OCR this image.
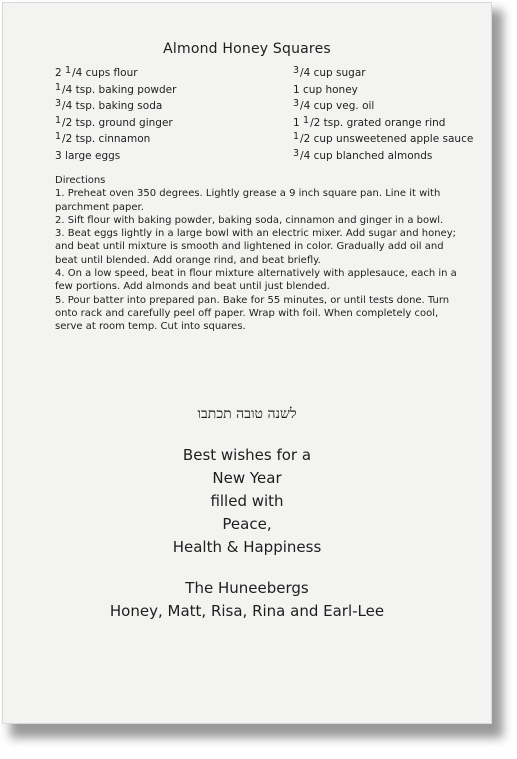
Almond Honey Squares
2 $^1$/4 cups flour
$^1$/4 tsp. baking powder
$^3$/4 tsp. baking soda
$^1$/2 tsp. ground ginger
$^1$/2 tsp. cinnamon
3 large eggs
$^3$/4 cup sugar
1 cup honey
$^3$/4 cup veg. oil
1 $^1$/2 tsp. grated orange rind
$^1$/2 cup unsweetened apple sauce
$^3$/4 cup blanched almonds

Directions

1. Preheat oven 350 degrees. Lightly grease a 9 inch square pan. Line it with parchment paper.

2. Sift flour with baking powder, baking soda, cinnamon and ginger in a bowl.

3. Beat eggs lightly in a large bowl with an electric mixer. Add sugar and honey; and beat until mixture is smooth and lightened in color. Gradually add oil and beat until blended. Add orange rind, and beat briefly.

4. On a low speed, beat in flour mixture alternatively with applesauce, each in a few portions. Add almonds and beat until just blended.

5. Pour batter into prepared pan. Bake for 55 minutes, or until tests done. Turn onto rack and carefully peel off paper. Wrap with foil. When completely cool, serve at room temp. Cut into squares.

לשנה טובה תכתבו
Best wishes for a
New Year
filled with
Peace,
Health & Happiness
The Huneebergs
Honey, Matt, Risa, Rina and Earl-Lee
